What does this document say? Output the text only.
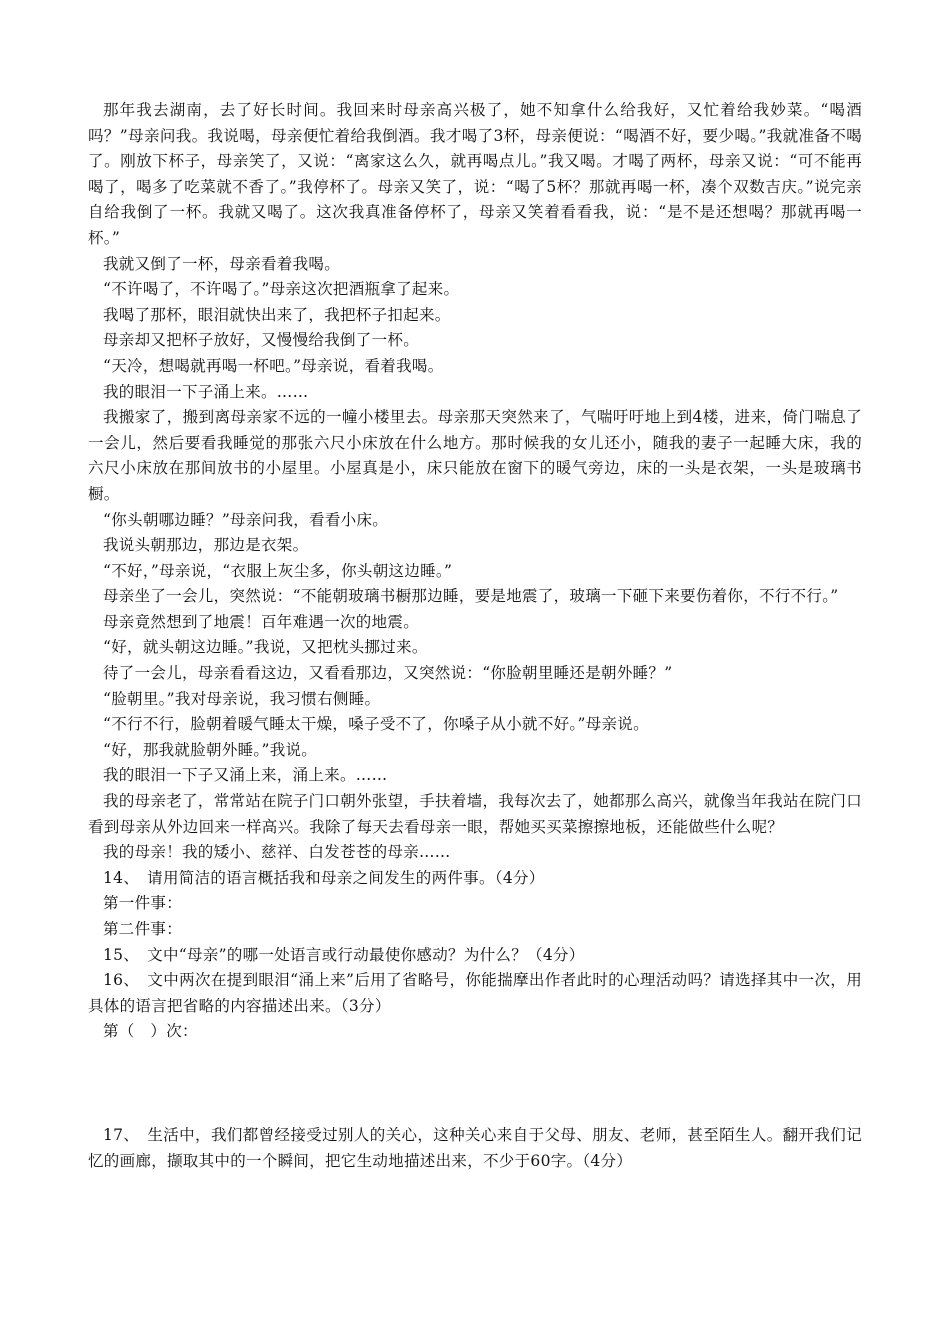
那年我去湖南，去了好长时间。我回来时母亲高兴极了，她不知拿什么给我好，又忙着给我妙菜。“喝酒吗？”母亲问我。我说喝，母亲便忙着给我倒酒。我才喝了3杯，母亲便说：“喝酒不好，要少喝。”我就准备不喝了。刚放下杯子，母亲笑了，又说：“离家这么久，就再喝点儿。”我又喝。才喝了两杯，母亲又说：“可不能再喝了，喝多了吃菜就不香了。”我停杯了。母亲又笑了，说：“喝了5杯？那就再喝一杯，凑个双数吉庆。”说完亲自给我倒了一杯。我就又喝了。这次我真准备停杯了，母亲又笑着看看我，说：“是不是还想喝？那就再喝一杯。”

我就又倒了一杯，母亲看着我喝。

“不许喝了，不许喝了。”母亲这次把酒瓶拿了起来。

我喝了那杯，眼泪就快出来了，我把杯子扣起来。

母亲却又把杯子放好，又慢慢给我倒了一杯。

“天冷，想喝就再喝一杯吧。”母亲说，看着我喝。

我的眼泪一下子涌上来。……

我搬家了，搬到离母亲家不远的一幢小楼里去。母亲那天突然来了，气喘吁吁地上到4楼，进来，倚门喘息了一会儿，然后要看我睡觉的那张六尺小床放在什么地方。那时候我的女儿还小，随我的妻子一起睡大床，我的六尺小床放在那间放书的小屋里。小屋真是小，床只能放在窗下的暖气旁边，床的一头是衣架，一头是玻璃书橱。

“你头朝哪边睡？”母亲问我，看看小床。

我说头朝那边，那边是衣架。

“不好，”母亲说，“衣服上灰尘多，你头朝这边睡。”

母亲坐了一会儿，突然说：“不能朝玻璃书橱那边睡，要是地震了，玻璃一下砸下来要伤着你，不行不行。”

母亲竟然想到了地震！百年难遇一次的地震。

“好，就头朝这边睡。”我说，又把枕头挪过来。

待了一会儿，母亲看看这边，又看看那边，又突然说：“你脸朝里睡还是朝外睡？”

“脸朝里。”我对母亲说，我习惯右侧睡。

“不行不行，脸朝着暖气睡太干燥，嗓子受不了，你嗓子从小就不好。”母亲说。

“好，那我就脸朝外睡。”我说。

我的眼泪一下子又涌上来，涌上来。……

我的母亲老了，常常站在院子门口朝外张望，手扶着墙，我每次去了，她都那么高兴，就像当年我站在院门口看到母亲从外边回来一样高兴。我除了每天去看母亲一眼，帮她买买菜擦擦地板，还能做些什么呢？

我的母亲！我的矮小、慈祥、白发苍苍的母亲……

14、　请用简洁的语言概括我和母亲之间发生的两件事。（4分）

第一件事：

第二件事：

15、　文中“母亲”的哪一处语言或行动最使你感动？为什么？（4分）

16、　文中两次在提到眼泪“涌上来”后用了省略号，你能揣摩出作者此时的心理活动吗？请选择其中一次，用具体的语言把省略的内容描述出来。（3分）

第（　）次：

17、　生活中，我们都曾经接受过别人的关心，这种关心来自于父母、朋友、老师，甚至陌生人。翻开我们记忆的画廊，撷取其中的一个瞬间，把它生动地描述出来，不少于60字。（4分）
